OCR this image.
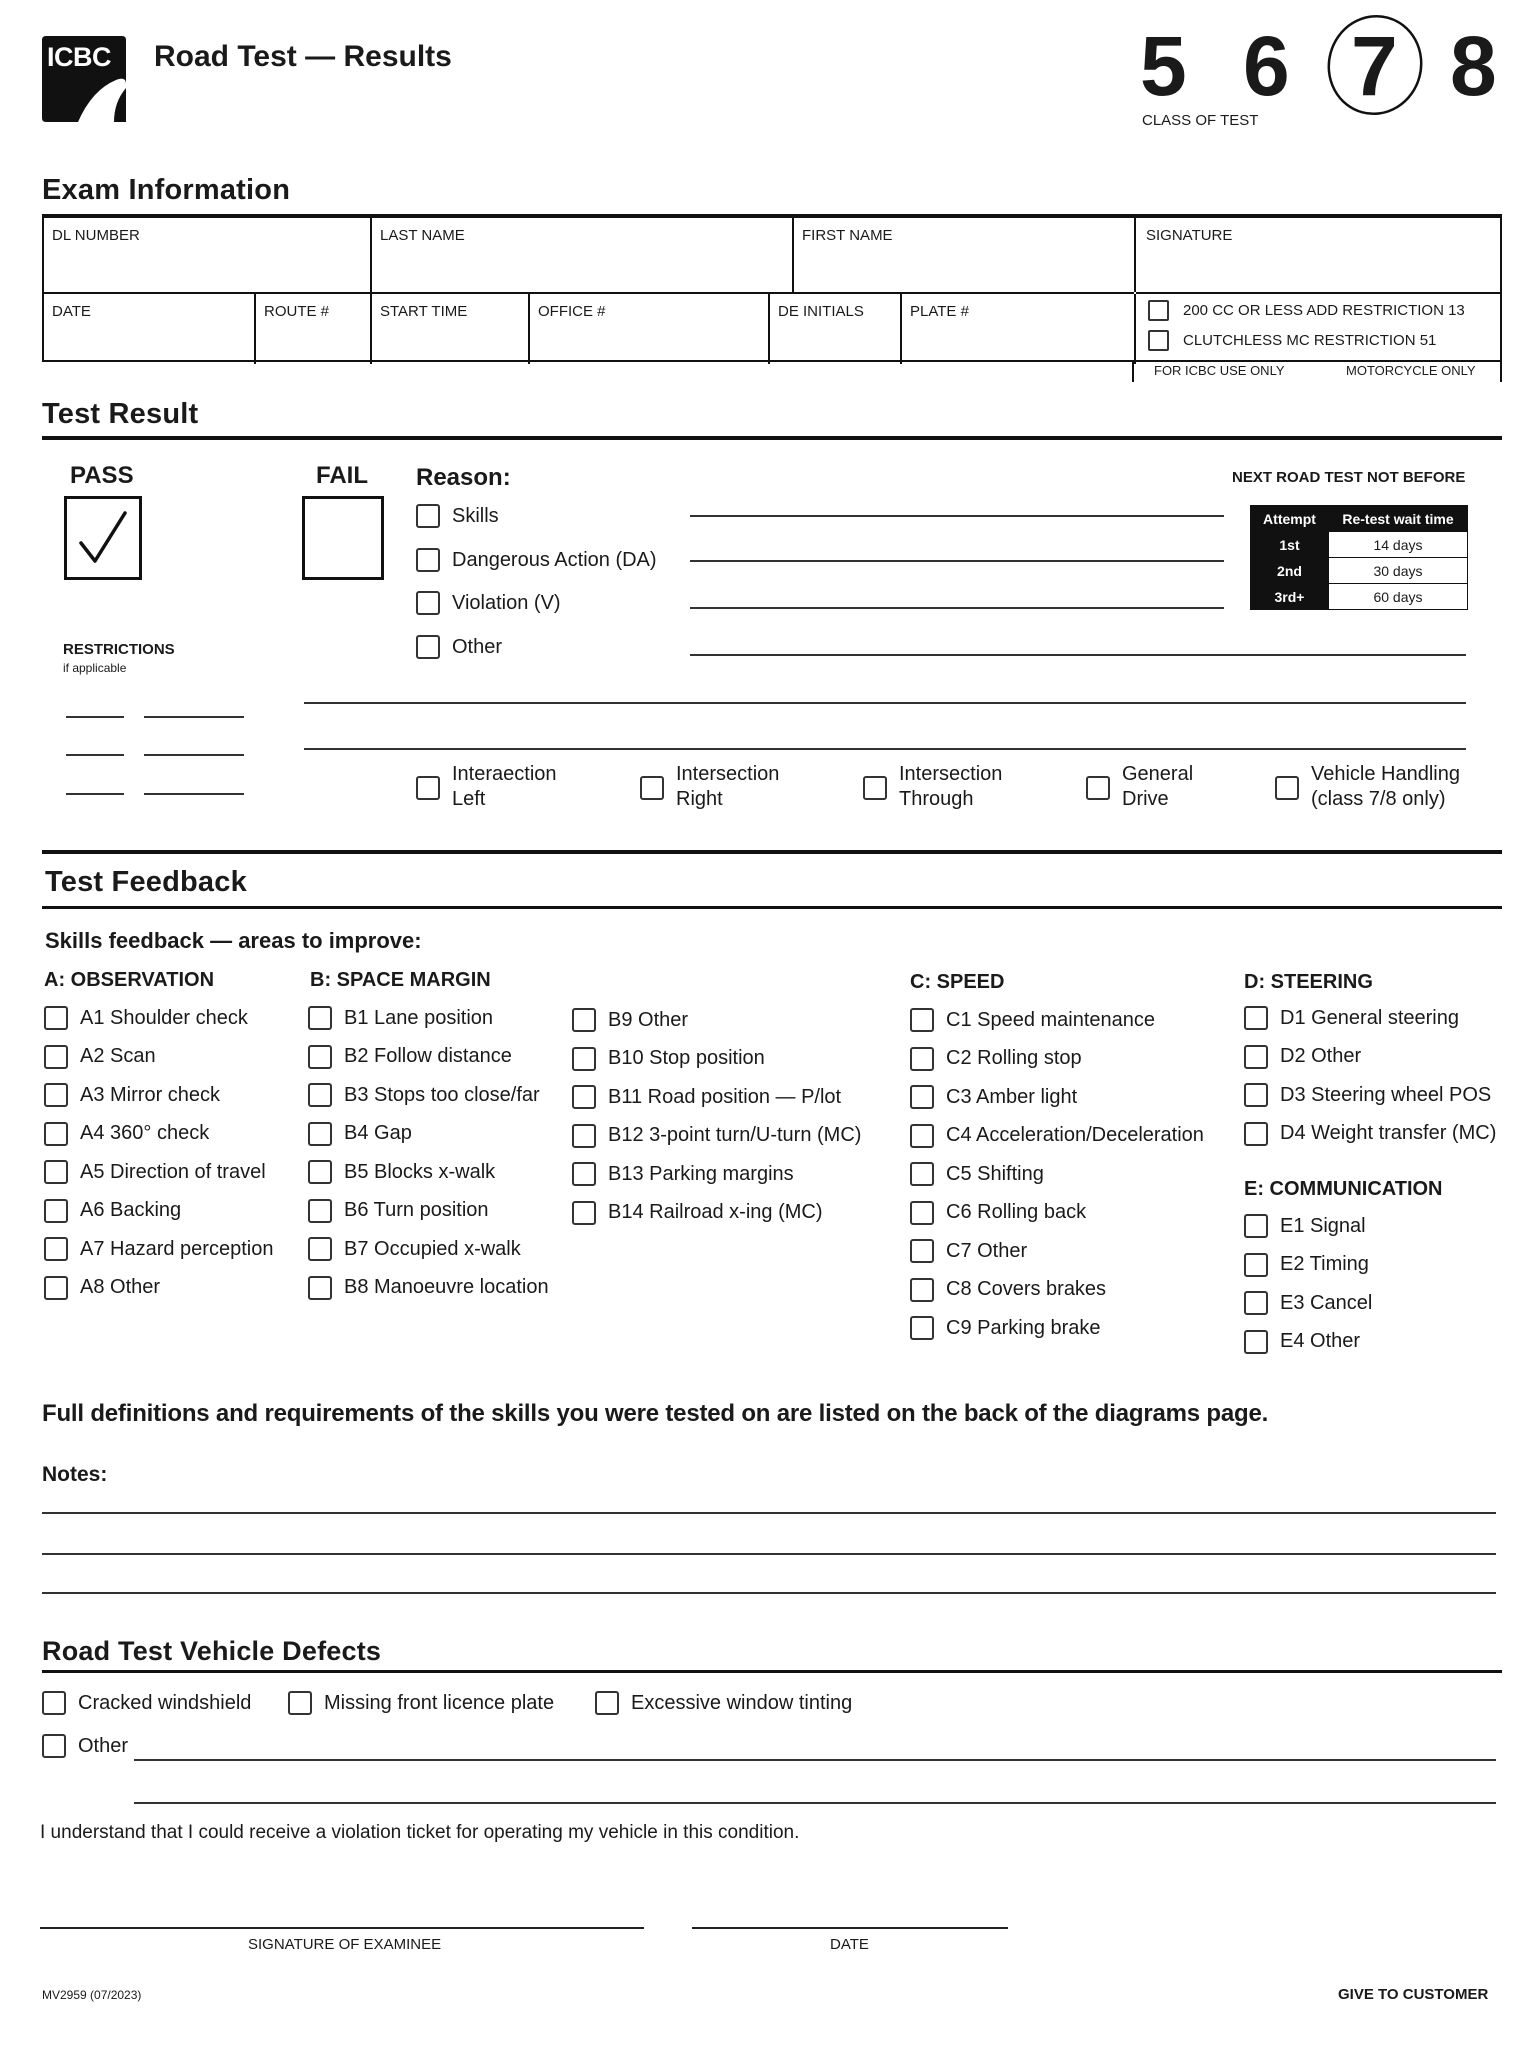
ICBC Road Test — Results	5 6 7 8
CLASS OF TEST
Exam Information
DL NUMBER	LAST NAME	FIRST NAME	SIGNATURE
DATE	ROUTE #	START TIME	OFFICE #	DE INITIALS	PLATE #	200 CC OR LESS ADD RESTRICTION 13
CLUTCHLESS MC RESTRICTION 51
FOR ICBC USE ONLY	MOTORCYCLE ONLY
Test Result
PASS	FAIL Reason:
Skills
Dangerous Action (DA)
Violation (V)
Other
NEXT ROAD TEST NOT BEFORE
Attempt	Re-test wait time
1st	14 days
2nd	30 days
3rd+	60 days
RESTRICTIONS
if applicable
Interaection
Left
Intersection
Right
Intersection
Through
General
Drive
Vehicle Handling
(class 7/8 only)
Test Feedback
Skills feedback — areas to improve:
A: OBSERVATION
A1 Shoulder check
A2 Scan
A3 Mirror check
A4 360° check
A5 Direction of travel
A6 Backing
A7 Hazard perception
A8 Other
B: SPACE MARGIN
B1 Lane position
B2 Follow distance
B3 Stops too close/far
B4 Gap
B5 Blocks x-walk
B6 Turn position
B7 Occupied x-walk
B8 Manoeuvre location
B9 Other
B10 Stop position
B11 Road position — P/lot
B12 3-point turn/U-turn (MC)
B13 Parking margins
B14 Railroad x-ing (MC)
C: SPEED
C1 Speed maintenance
C2 Rolling stop
C3 Amber light
C4 Acceleration/Deceleration
C5 Shifting
C6 Rolling back
C7 Other
C8 Covers brakes
C9 Parking brake
D: STEERING
D1 General steering
D2 Other
D3 Steering wheel POS
D4 Weight transfer (MC)
E: COMMUNICATION
E1 Signal
E2 Timing
E3 Cancel
E4 Other
Full definitions and requirements of the skills you were tested on are listed on the back of the diagrams page.
Notes:
Road Test Vehicle Defects
Cracked windshield	Missing front licence plate	Excessive window tinting
Other
I understand that I could receive a violation ticket for operating my vehicle in this condition.
SIGNATURE OF EXAMINEE	DATE
MV2959 (07/2023)	GIVE TO CUSTOMER
